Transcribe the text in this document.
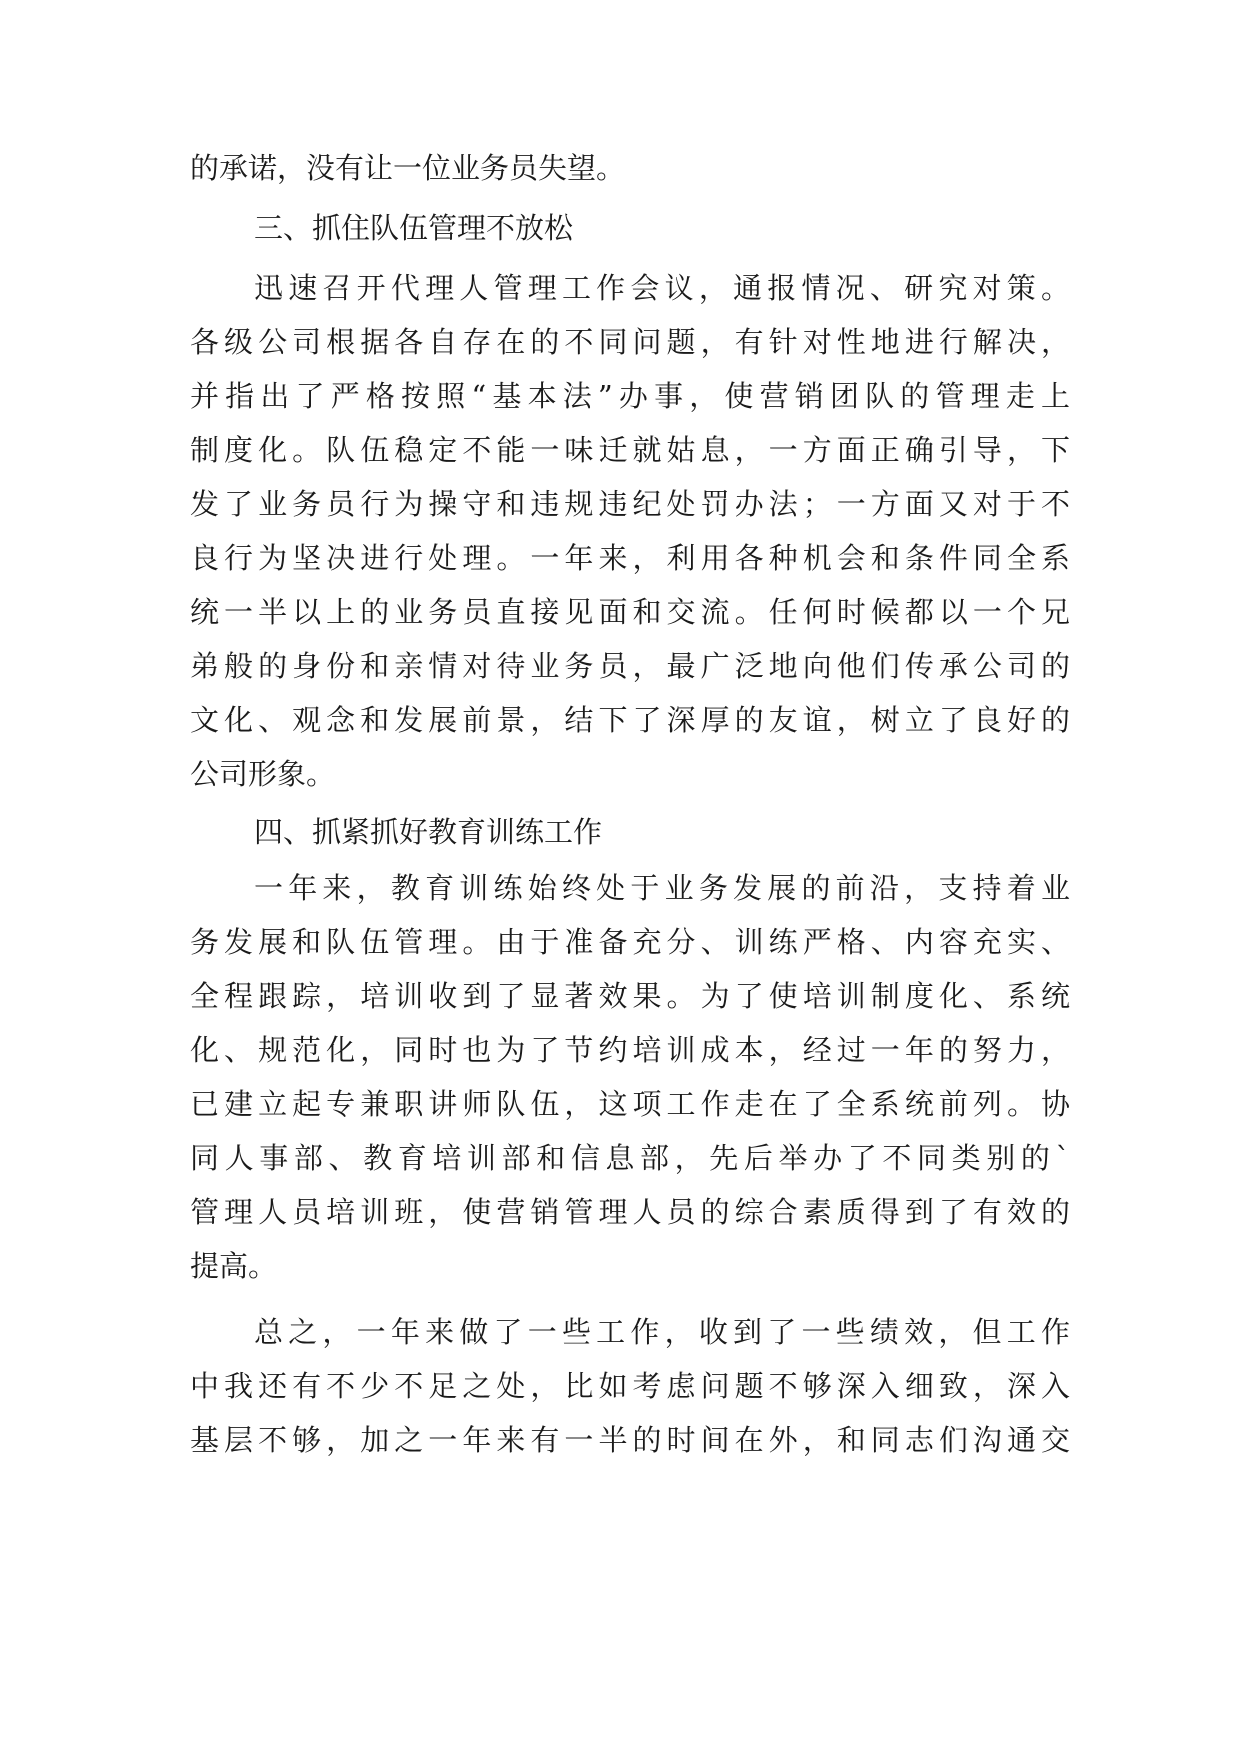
的承诺，没有让一位业务员失望。
三、抓住队伍管理不放松
迅速召开代理人管理工作会议，通报情况、研究对策。
各级公司根据各自存在的不同问题，有针对性地进行解决，
并指出了严格按照“基本法”办事，使营销团队的管理走上
制度化。队伍稳定不能一味迁就姑息，一方面正确引导，下
发了业务员行为操守和违规违纪处罚办法；一方面又对于不
良行为坚决进行处理。一年来，利用各种机会和条件同全系
统一半以上的业务员直接见面和交流。任何时候都以一个兄
弟般的身份和亲情对待业务员，最广泛地向他们传承公司的
文化、观念和发展前景，结下了深厚的友谊，树立了良好的
公司形象。
四、抓紧抓好教育训练工作
一年来，教育训练始终处于业务发展的前沿，支持着业
务发展和队伍管理。由于准备充分、训练严格、内容充实、
全程跟踪，培训收到了显著效果。为了使培训制度化、系统
化、规范化，同时也为了节约培训成本，经过一年的努力，
已建立起专兼职讲师队伍，这项工作走在了全系统前列。协
同人事部、教育培训部和信息部，先后举办了不同类别的`
管理人员培训班，使营销管理人员的综合素质得到了有效的
提高。
总之，一年来做了一些工作，收到了一些绩效，但工作
中我还有不少不足之处，比如考虑问题不够深入细致，深入
基层不够，加之一年来有一半的时间在外，和同志们沟通交
